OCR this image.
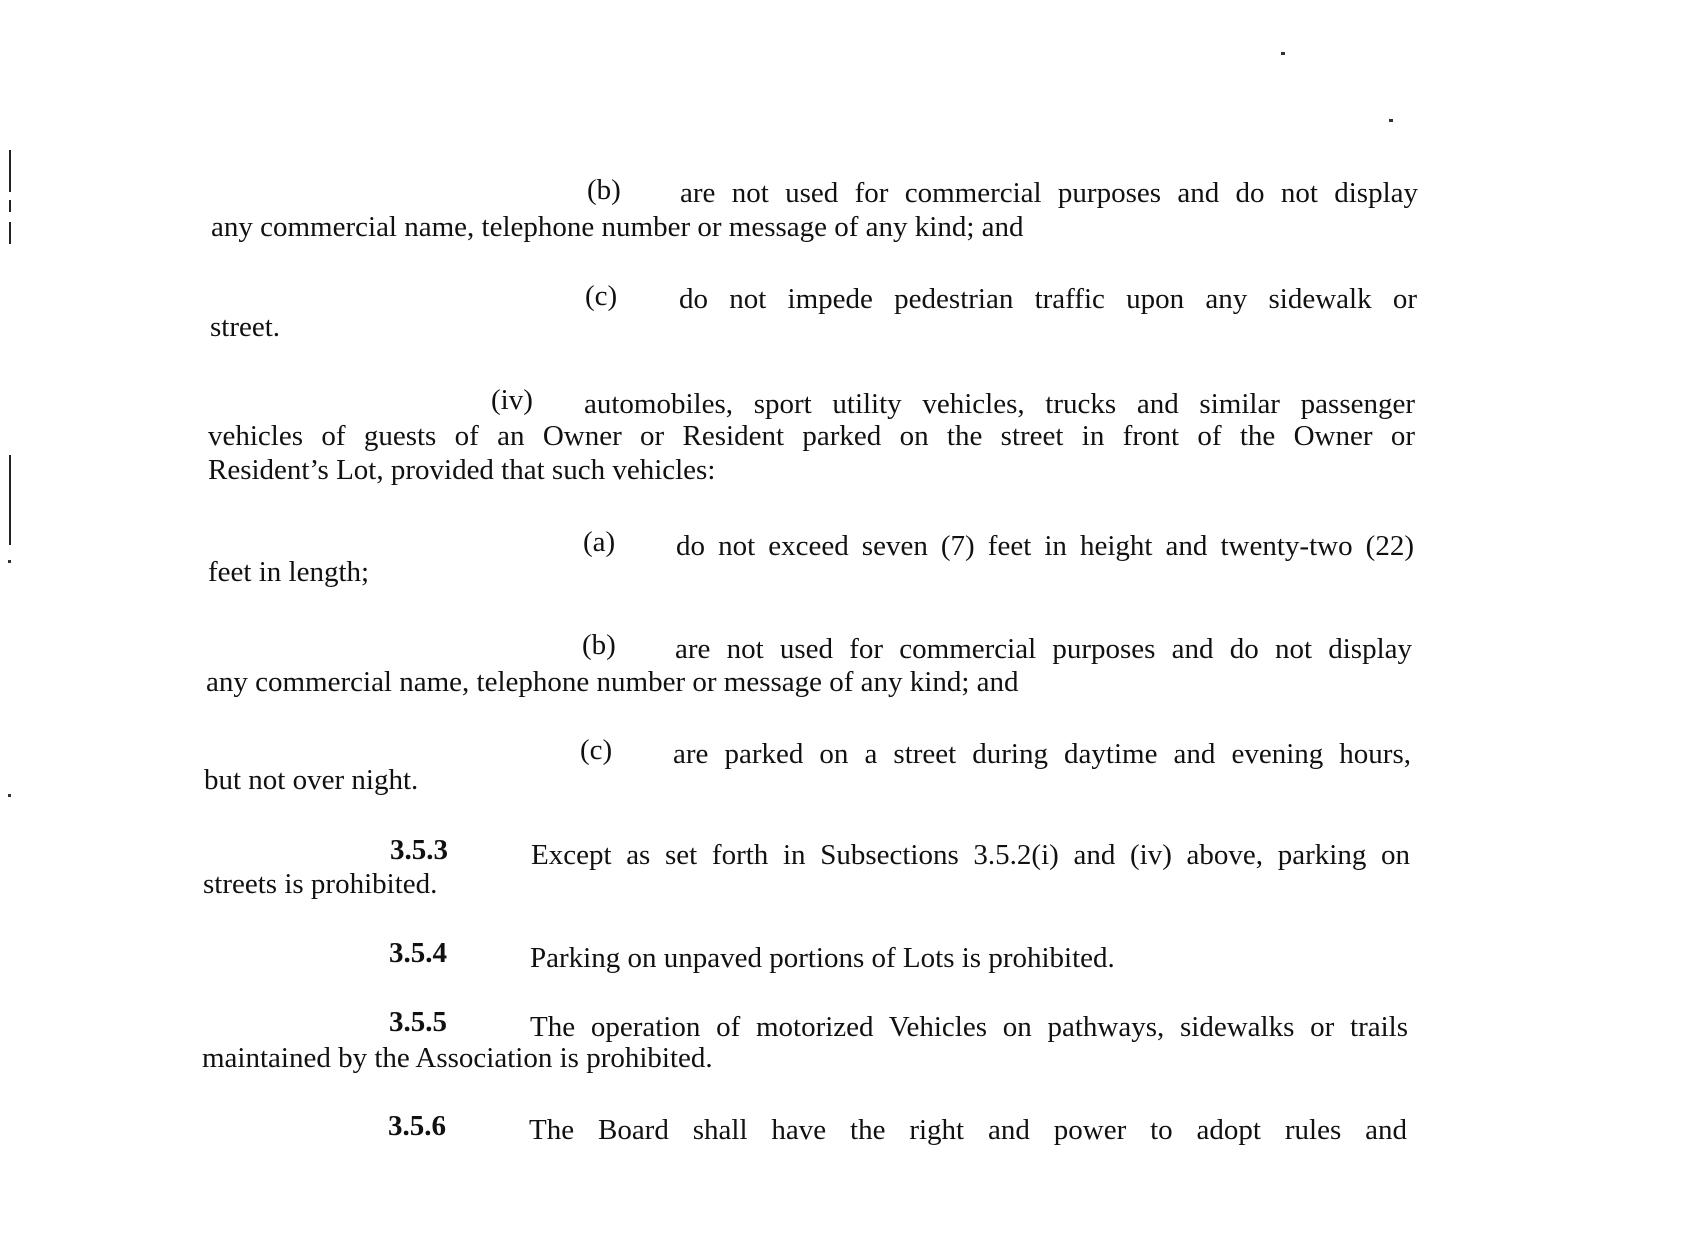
(b) are not used for commercial purposes and do not display
any commercial name, telephone number or message of any kind; and
(c) do not impede pedestrian traffic upon any sidewalk or
street.
(iv) automobiles, sport utility vehicles, trucks and similar passenger
vehicles of guests of an Owner or Resident parked on the street in front of the Owner or
Resident’s Lot, provided that such vehicles:
(a) do not exceed seven (7) feet in height and twenty-two (22)
feet in length;
(b) are not used for commercial purposes and do not display
any commercial name, telephone number or message of any kind; and
(c) are parked on a street during daytime and evening hours,
but not over night.
3.5.3	Except as set forth in Subsections 3.5.2(i) and (iv) above, parking on
streets is prohibited.
3.5.4	Parking on unpaved portions of Lots is prohibited.
3.5.5	The operation of motorized Vehicles on pathways, sidewalks or trails
maintained by the Association is prohibited.
3.5.6	The Board shall have the right and power to adopt rules and
